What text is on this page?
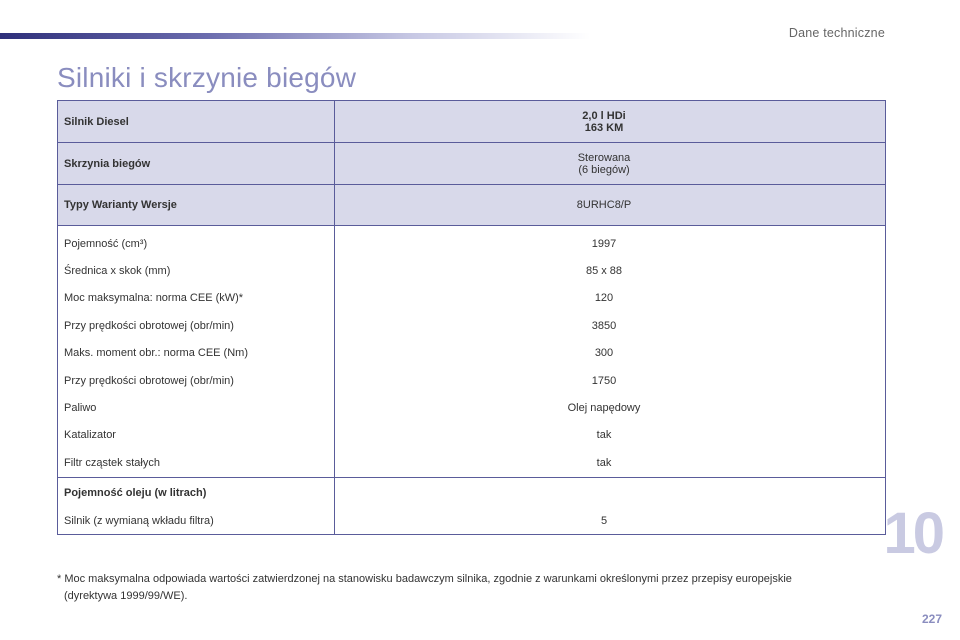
Dane techniczne
Silniki i skrzynie biegów
Silnik Diesel	2,0 l HDi
163 KM

Skrzynia biegów	Sterowana
(6 biegów)

Typy Warianty Wersje	8URHC8/P
Pojemność (cm³)	1997
Średnica x skok (mm)	85 x 88
Moc maksymalna: norma CEE (kW)*	120
Przy prędkości obrotowej (obr/min)	3850
Maks. moment obr.: norma CEE (Nm)	300
Przy prędkości obrotowej (obr/min)	1750
Paliwo	Olej napędowy
Katalizator	tak
Filtr cząstek stałych	tak
Pojemność oleju (w litrach)	
Silnik (z wymianą wkładu filtra)	5
* Moc maksymalna odpowiada wartości zatwierdzonej na stanowisku badawczym silnika, zgodnie z warunkami określonymi przez przepisy europejskie
(dyrektywa 1999/99/WE).
10
227
